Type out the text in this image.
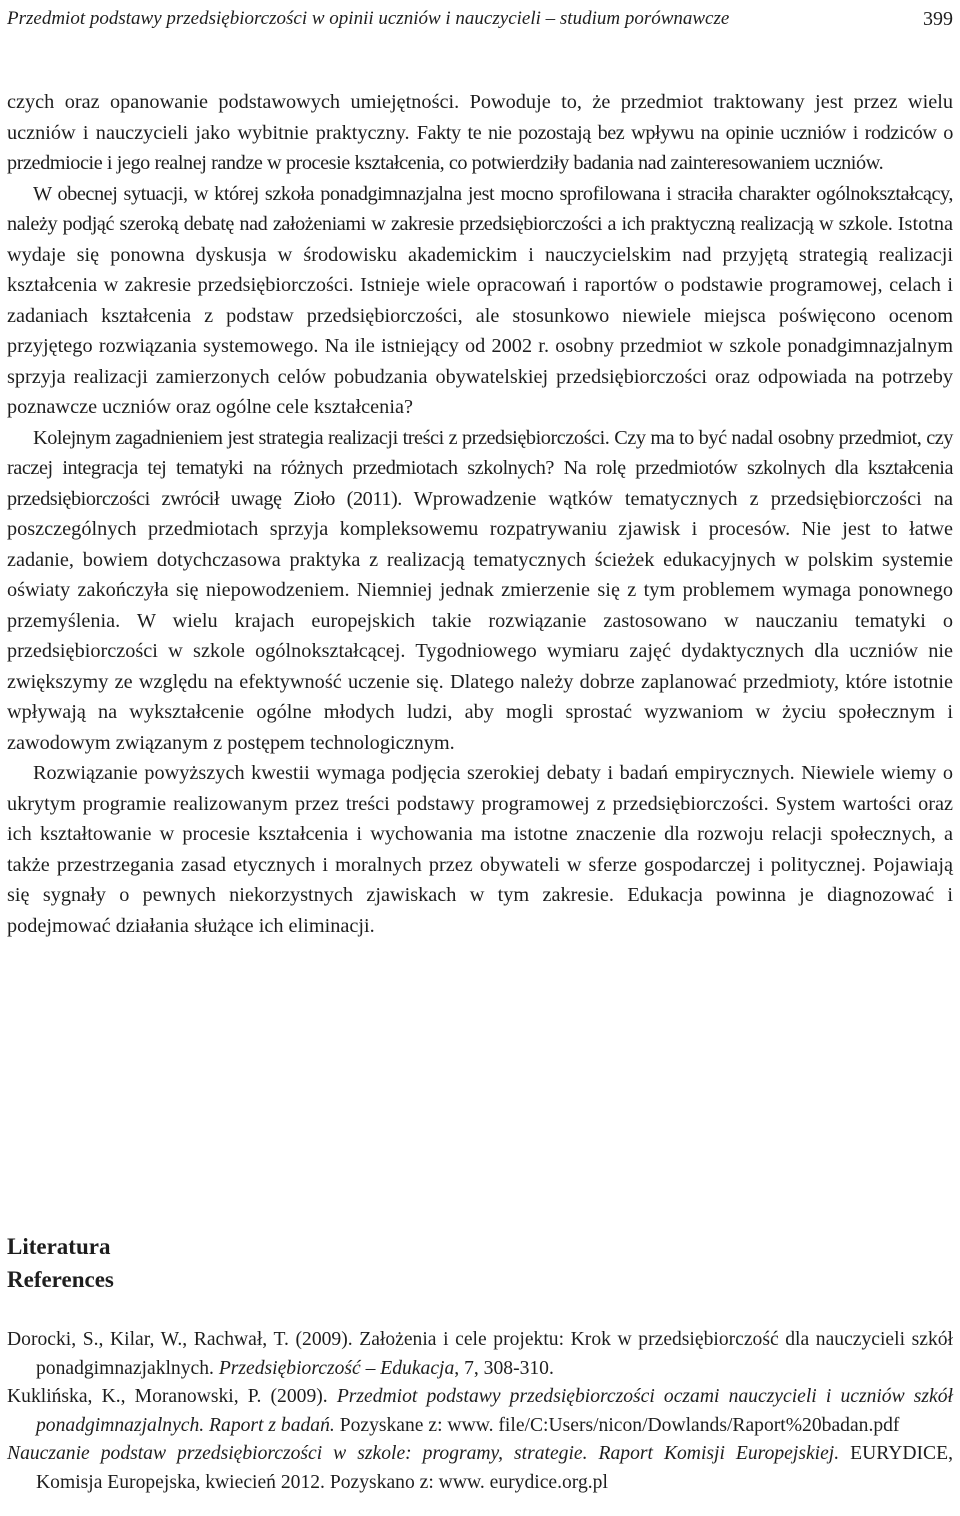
Przedmiot podstawy przedsiębiorczości w opinii uczniów i nauczycieli – studium porównawcze	399

czych oraz opanowanie podstawowych umiejętności. Powoduje to, że przedmiot traktowany jest przez wielu uczniów i nauczycieli jako wybitnie praktyczny. Fakty te nie pozostają bez wpływu na opinie uczniów i rodziców o przedmiocie i jego realnej randze w procesie kształcenia, co potwierdziły badania nad zainteresowaniem uczniów.

W obecnej sytuacji, w której szkoła ponadgimnazjalna jest mocno sprofilowana i straciła charakter ogólnokształcący, należy podjąć szeroką debatę nad założeniami w zakresie przedsiębiorczości a ich praktyczną realizacją w szkole. Istotna wydaje się ponowna dyskusja w środowisku akademickim i nauczycielskim nad przyjętą strategią realizacji kształcenia w zakresie przedsiębiorczości. Istnieje wiele opracowań i raportów o podstawie programowej, celach i zadaniach kształcenia z podstaw przedsiębiorczości, ale stosunkowo niewiele miejsca poświęcono ocenom przyjętego rozwiązania systemowego. Na ile istniejący od 2002 r. osobny przedmiot w szkole ponadgimnazjalnym sprzyja realizacji zamierzonych celów pobudzania obywatelskiej przedsiębiorczości oraz odpowiada na potrzeby poznawcze uczniów oraz ogólne cele kształcenia?

Kolejnym zagadnieniem jest strategia realizacji treści z przedsiębiorczości. Czy ma to być nadal osobny przedmiot, czy raczej integracja tej tematyki na różnych przedmiotach szkolnych? Na rolę przedmiotów szkolnych dla kształcenia przedsiębiorczości zwrócił uwagę Zioło (2011). Wprowadzenie wątków tematycznych z przedsiębiorczości na poszczególnych przedmiotach sprzyja kompleksowemu rozpatrywaniu zjawisk i procesów. Nie jest to łatwe zadanie, bowiem dotychczasowa praktyka z realizacją tematycznych ścieżek edukacyjnych w polskim systemie oświaty zakończyła się niepowodzeniem. Niemniej jednak zmierzenie się z tym problemem wymaga ponownego przemyślenia. W wielu krajach europejskich takie rozwiązanie zastosowano w nauczaniu tematyki o przedsiębiorczości w szkole ogólnokształcącej. Tygodniowego wymiaru zajęć dydaktycznych dla uczniów nie zwiększymy ze względu na efektywność uczenie się. Dlatego należy dobrze zaplanować przedmioty, które istotnie wpływają na wykształcenie ogólne młodych ludzi, aby mogli sprostać wyzwaniom w życiu społecznym i zawodowym związanym z postępem technologicznym.

Rozwiązanie powyższych kwestii wymaga podjęcia szerokiej debaty i badań empirycznych. Niewiele wiemy o ukrytym programie realizowanym przez treści podstawy programowej z przedsiębiorczości. System wartości oraz ich kształtowanie w procesie kształcenia i wychowania ma istotne znaczenie dla rozwoju relacji społecznych, a także przestrzegania zasad etycznych i moralnych przez obywateli w sferze gospodarczej i politycznej. Pojawiają się sygnały o pewnych niekorzystnych zjawiskach w tym zakresie. Edukacja powinna je diagnozować i podejmować działania służące ich eliminacji.

Literatura
References

Dorocki, S., Kilar, W., Rachwał, T. (2009). Założenia i cele projektu: Krok w przedsiębiorczość dla nauczycieli szkół ponadgimnazjaklnych. Przedsiębiorczość – Edukacja, 7, 308-310.

Kuklińska, K., Moranowski, P. (2009). Przedmiot podstawy przedsiębiorczości oczami nauczycieli i uczniów szkół ponadgimnazjalnych. Raport z badań. Pozyskane z: www. file/C:Users/nicon/Dowlands/Raport%20badan.pdf

Nauczanie podstaw przedsiębiorczości w szkole: programy, strategie. Raport Komisji Europejskiej. EURYDICE, Komisja Europejska, kwiecień 2012. Pozyskano z: www. eurydice.org.pl
